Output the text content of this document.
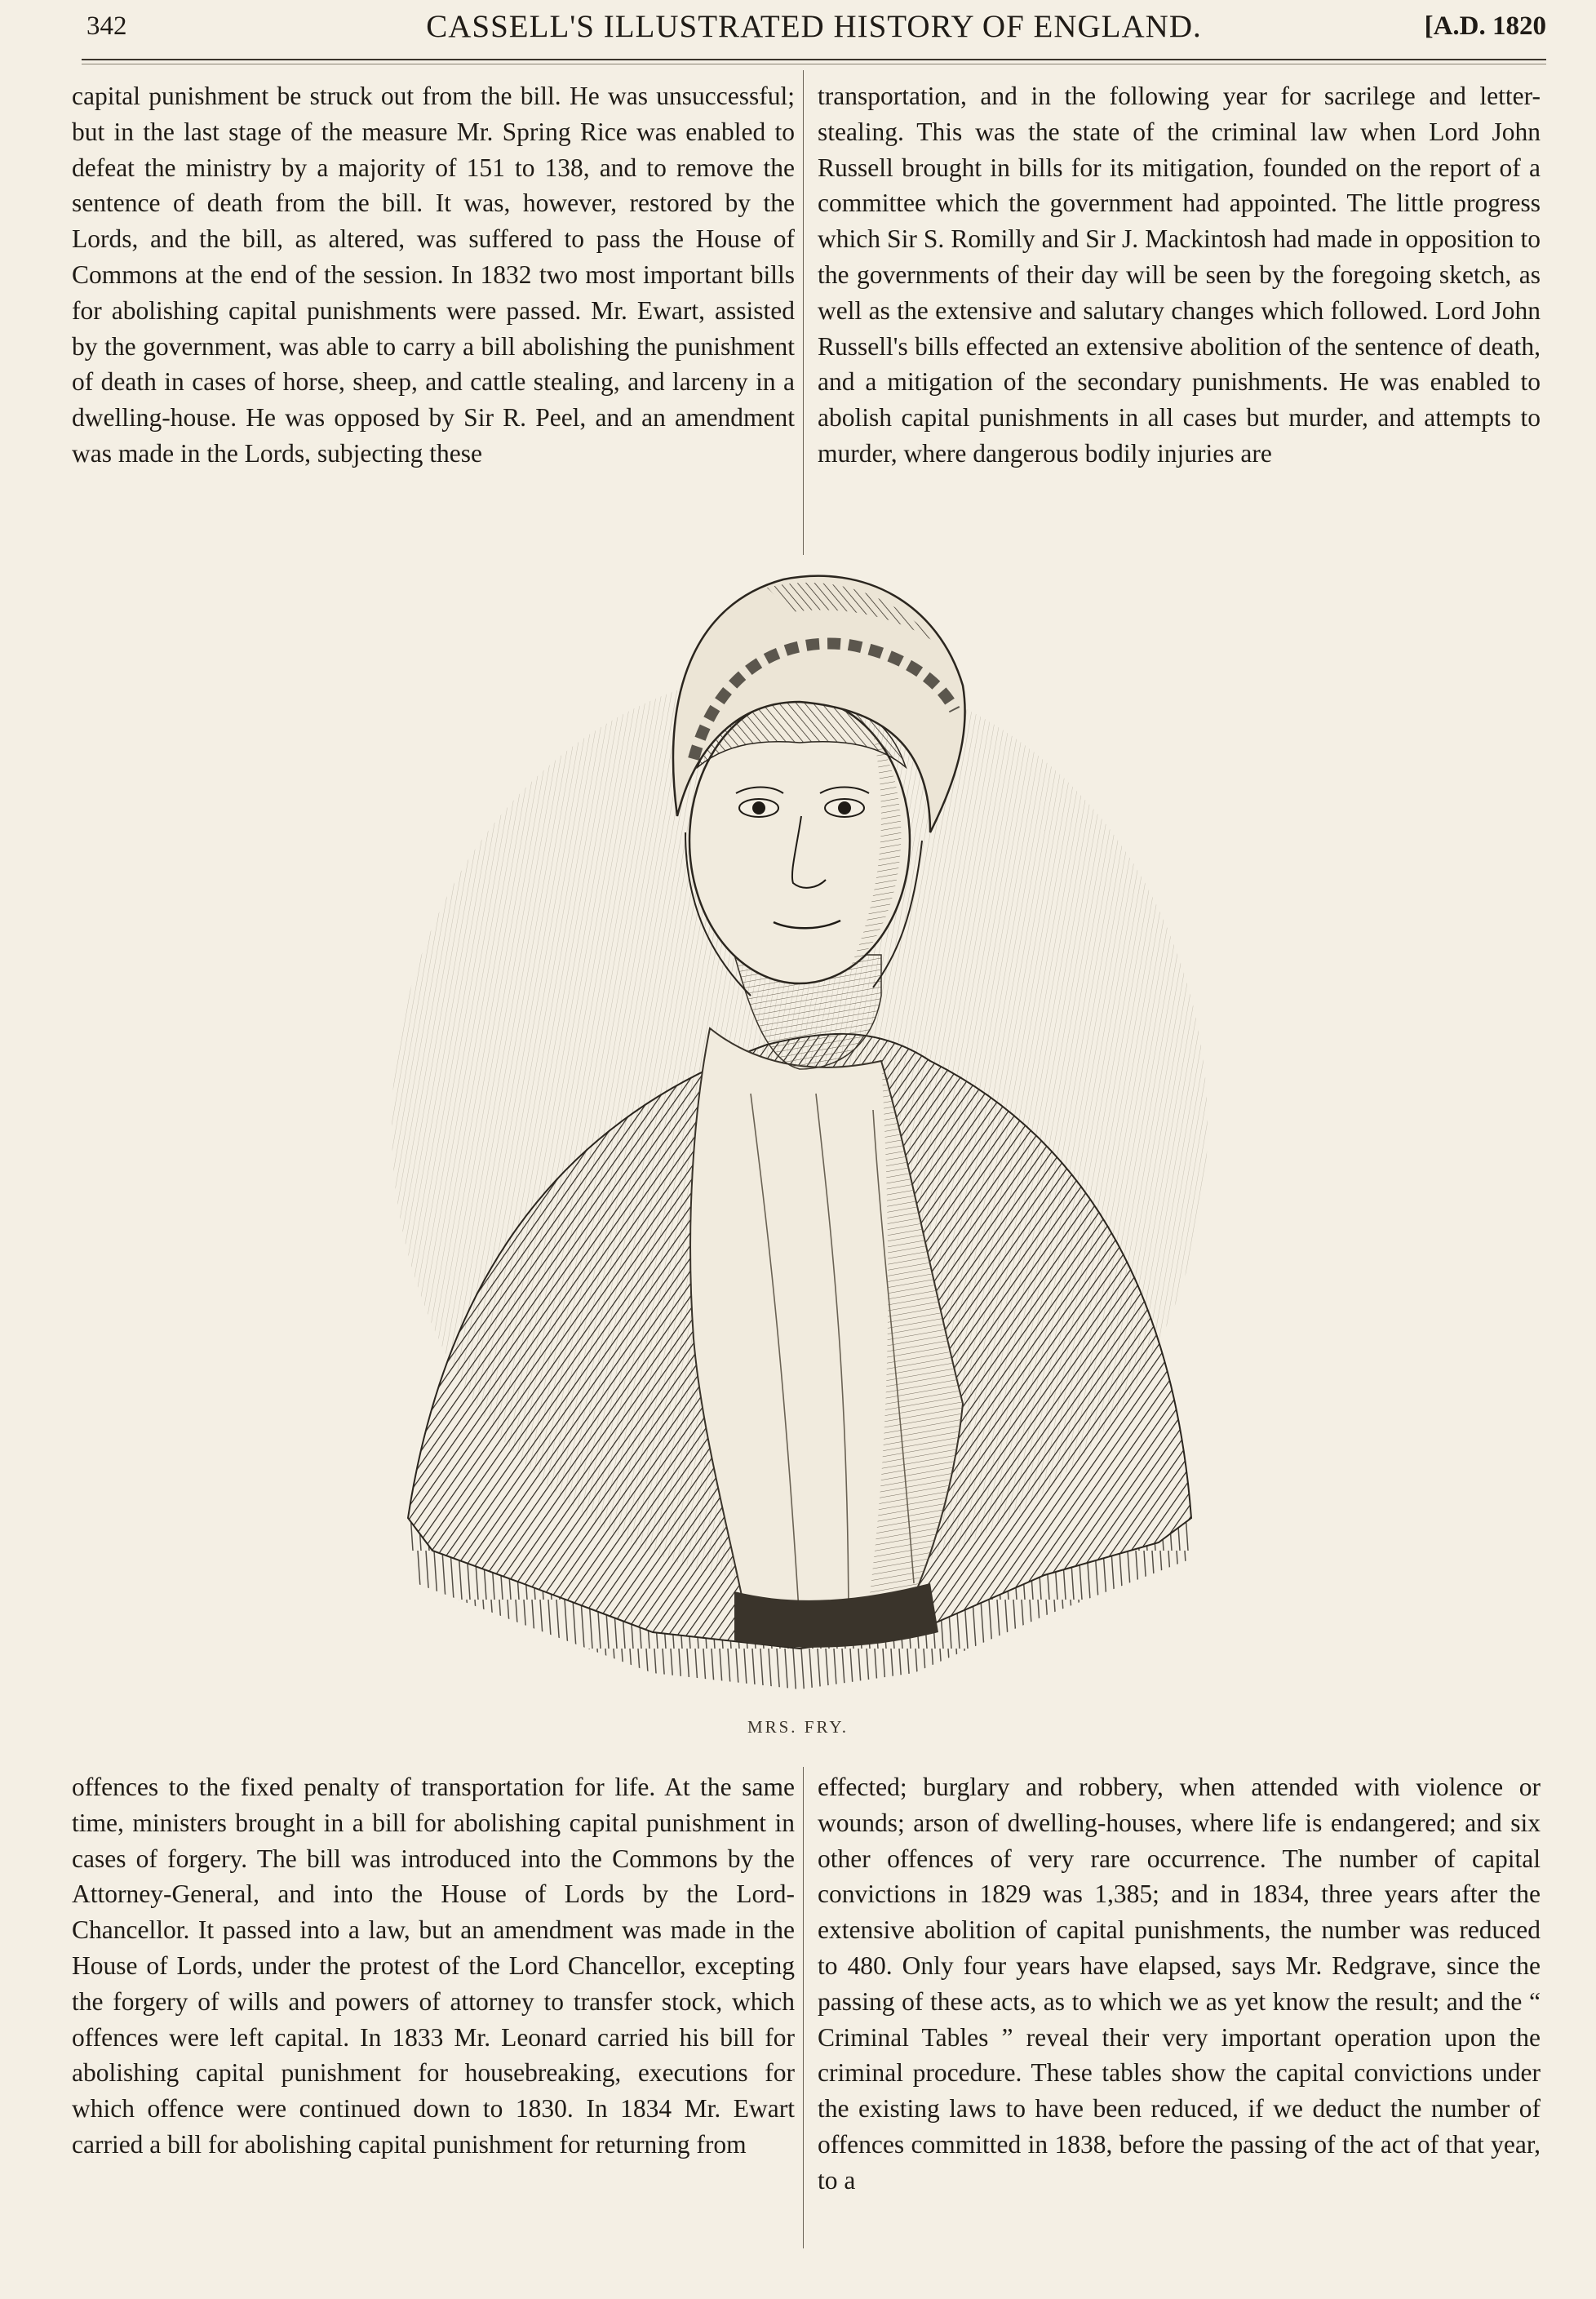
342	CASSELL'S ILLUSTRATED HISTORY OF ENGLAND.	[A.D. 1820

capital punishment be struck out from the bill. He was unsuccessful; but in the last stage of the measure Mr. Spring Rice was enabled to defeat the ministry by a majority of 151 to 138, and to remove the sentence of death from the bill. It was, however, restored by the Lords, and the bill, as altered, was suffered to pass the House of Commons at the end of the session. In 1832 two most important bills for abolishing capital punishments were passed. Mr. Ewart, assisted by the government, was able to carry a bill abolishing the punishment of death in cases of horse, sheep, and cattle stealing, and larceny in a dwelling-house. He was opposed by Sir R. Peel, and an amendment was made in the Lords, subjecting these

transportation, and in the following year for sacrilege and letter-stealing. This was the state of the criminal law when Lord John Russell brought in bills for its mitigation, founded on the report of a committee which the government had appointed. The little progress which Sir S. Romilly and Sir J. Mackintosh had made in opposition to the governments of their day will be seen by the foregoing sketch, as well as the extensive and salutary changes which followed. Lord John Russell's bills effected an extensive abolition of the sentence of death, and a mitigation of the secondary punishments. He was enabled to abolish capital punishments in all cases but murder, and attempts to murder, where dangerous bodily injuries are

MRS. FRY.

offences to the fixed penalty of transportation for life. At the same time, ministers brought in a bill for abolishing capital punishment in cases of forgery. The bill was introduced into the Commons by the Attorney-General, and into the House of Lords by the Lord-Chancellor. It passed into a law, but an amendment was made in the House of Lords, under the protest of the Lord Chancellor, excepting the forgery of wills and powers of attorney to transfer stock, which offences were left capital. In 1833 Mr. Leonard carried his bill for abolishing capital punishment for housebreaking, executions for which offence were continued down to 1830. In 1834 Mr. Ewart carried a bill for abolishing capital punishment for returning from

effected; burglary and robbery, when attended with violence or wounds; arson of dwelling-houses, where life is endangered; and six other offences of very rare occurrence. The number of capital convictions in 1829 was 1,385; and in 1834, three years after the extensive abolition of capital punishments, the number was reduced to 480. Only four years have elapsed, says Mr. Redgrave, since the passing of these acts, as to which we as yet know the result; and the “ Criminal Tables ” reveal their very important operation upon the criminal procedure. These tables show the capital convictions under the existing laws to have been reduced, if we deduct the number of offences committed in 1838, before the passing of the act of that year, to a
